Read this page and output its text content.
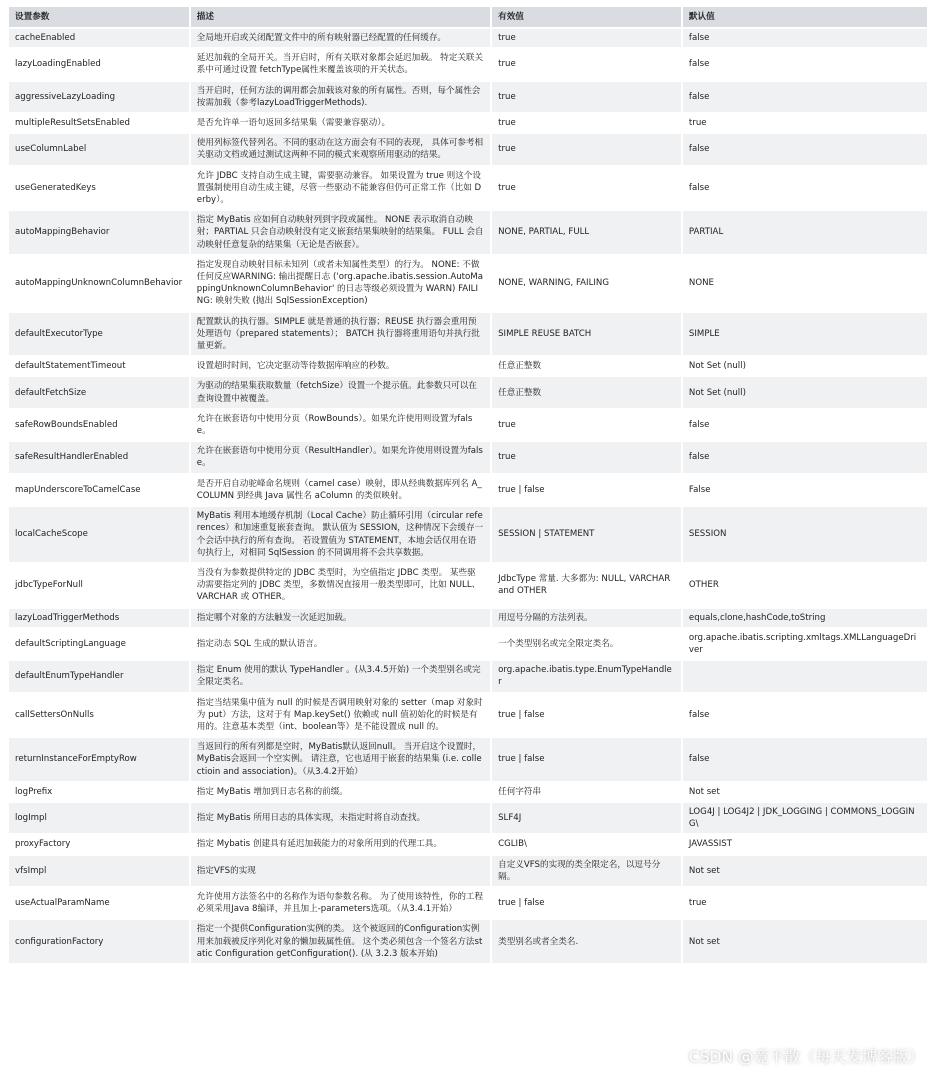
设置参数	描述	有效值	默认值
cacheEnabled	全局地开启或关闭配置文件中的所有映射器已经配置的任何缓存。	true	false
lazyLoadingEnabled	延迟加载的全局开关。当开启时，所有关联对象都会延迟加载。 特定关联关系中可通过设置 fetchType属性来覆盖该项的开关状态。	true	false
aggressiveLazyLoading	当开启时，任何方法的调用都会加载该对象的所有属性。否则，每个属性会按需加载（参考lazyLoadTriggerMethods).	true	false
multipleResultSetsEnabled	是否允许单一语句返回多结果集（需要兼容驱动）。	true	true
useColumnLabel	使用列标签代替列名。不同的驱动在这方面会有不同的表现， 具体可参考相关驱动文档或通过测试这两种不同的模式来观察所用驱动的结果。	true	false
useGeneratedKeys	允许 JDBC 支持自动生成主键，需要驱动兼容。 如果设置为 true 则这个设置强制使用自动生成主键，尽管一些驱动不能兼容但仍可正常工作（比如 Derby）。	true	false
autoMappingBehavior	指定 MyBatis 应如何自动映射列到字段或属性。 NONE 表示取消自动映射；PARTIAL 只会自动映射没有定义嵌套结果集映射的结果集。 FULL 会自动映射任意复杂的结果集（无论是否嵌套）。	NONE, PARTIAL, FULL	PARTIAL
autoMappingUnknownColumnBehavior	指定发现自动映射目标未知列（或者未知属性类型）的行为。 NONE: 不做任何反应WARNING: 输出提醒日志 ('org.apache.ibatis.session.AutoMappingUnknownColumnBehavior' 的日志等级必须设置为 WARN) FAILING: 映射失败 (抛出 SqlSessionException)	NONE, WARNING, FAILING	NONE
defaultExecutorType	配置默认的执行器。SIMPLE 就是普通的执行器；REUSE 执行器会重用预处理语句（prepared statements）； BATCH 执行器将重用语句并执行批量更新。	SIMPLE REUSE BATCH	SIMPLE
defaultStatementTimeout	设置超时时间，它决定驱动等待数据库响应的秒数。	任意正整数	Not Set (null)
defaultFetchSize	为驱动的结果集获取数量（fetchSize）设置一个提示值。此参数只可以在查询设置中被覆盖。	任意正整数	Not Set (null)
safeRowBoundsEnabled	允许在嵌套语句中使用分页（RowBounds）。如果允许使用则设置为false。	true	false
safeResultHandlerEnabled	允许在嵌套语句中使用分页（ResultHandler）。如果允许使用则设置为false。	true	false
mapUnderscoreToCamelCase	是否开启自动驼峰命名规则（camel case）映射，即从经典数据库列名 A_COLUMN 到经典 Java 属性名 aColumn 的类似映射。	true | false	False
localCacheScope	MyBatis 利用本地缓存机制（Local Cache）防止循环引用（circular references）和加速重复嵌套查询。 默认值为 SESSION，这种情况下会缓存一个会话中执行的所有查询。 若设置值为 STATEMENT，本地会话仅用在语句执行上，对相同 SqlSession 的不同调用将不会共享数据。	SESSION | STATEMENT	SESSION
jdbcTypeForNull	当没有为参数提供特定的 JDBC 类型时，为空值指定 JDBC 类型。 某些驱动需要指定列的 JDBC 类型，多数情况直接用一般类型即可，比如 NULL、VARCHAR 或 OTHER。	JdbcType 常量. 大多都为: NULL, VARCHAR and OTHER	OTHER
lazyLoadTriggerMethods	指定哪个对象的方法触发一次延迟加载。	用逗号分隔的方法列表。	equals,clone,hashCode,toString
defaultScriptingLanguage	指定动态 SQL 生成的默认语言。	一个类型别名或完全限定类名。	org.apache.ibatis.scripting.xmltags.XMLLanguageDriver
defaultEnumTypeHandler	指定 Enum 使用的默认 TypeHandler 。(从3.4.5开始) 一个类型别名或完全限定类名。	org.apache.ibatis.type.EnumTypeHandler	
callSettersOnNulls	指定当结果集中值为 null 的时候是否调用映射对象的 setter（map 对象时为 put）方法，这对于有 Map.keySet() 依赖或 null 值初始化的时候是有用的。注意基本类型（int、boolean等）是不能设置成 null 的。	true | false	false
returnInstanceForEmptyRow	当返回行的所有列都是空时，MyBatis默认返回null。 当开启这个设置时，MyBatis会返回一个空实例。 请注意，它也适用于嵌套的结果集 (i.e. collectioin and association)。（从3.4.2开始）	true | false	false
logPrefix	指定 MyBatis 增加到日志名称的前缀。	任何字符串	Not set
logImpl	指定 MyBatis 所用日志的具体实现，未指定时将自动查找。	SLF4J	LOG4J | LOG4J2 | JDK_LOGGING | COMMONS_LOGGING\
proxyFactory	指定 Mybatis 创建具有延迟加载能力的对象所用到的代理工具。	CGLIB\	JAVASSIST
vfsImpl	指定VFS的实现	自定义VFS的实现的类全限定名，以逗号分隔。	Not set
useActualParamName	允许使用方法签名中的名称作为语句参数名称。 为了使用该特性，你的工程必须采用Java 8编译，并且加上-parameters选项。（从3.4.1开始）	true | false	true
configurationFactory	指定一个提供Configuration实例的类。 这个被返回的Configuration实例用来加载被反序列化对象的懒加载属性值。 这个类必须包含一个签名方法static Configuration getConfiguration(). (从 3.2.3 版本开始)	类型别名或者全类名.	Not set
CSDN @竟不散（每天发博客版）
